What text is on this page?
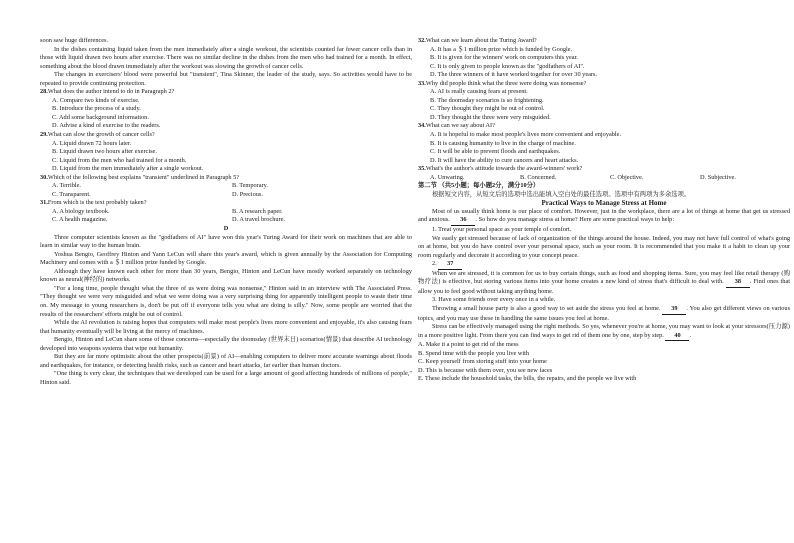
soon saw huge differences.
In the dishes containing liquid taken from the men immediately after a single workout, the scientists counted far fewer cancer cells than in those with liquid drawn two hours after exercise. There was no similar decline in the dishes from the men who had trained for a month. In effect, something about the blood drawn immediately after the workout was slowing the growth of cancer cells.
The changes in exercisers' blood were powerful but "transient", Tina Skinner, the leader of the study, says. So activities would have to be repeated to provide continuing protection.
28.What does the author intend to do in Paragraph 2?
A. Compare two kinds of exercise.
B. Introduce the process of a study.
C. Add some background information.
D. Advise a kind of exercise to the readers.
29.What can slow the growth of cancer cells?
A. Liquid drawn 72 hours later.
B. Liquid drawn two hours after exercise.
C. Liquid from the men who had trained for a month.
D. Liquid from the men immediately after a single workout.
30.Which of the following best explains "transient" underlined in Paragraph 5?
A. Terrible.	B. Temporary.
C. Transparent.	D. Precious.
31.From which is the text probably taken?
A. A biology textbook.	B. A research paper.
C. A health magazine.	D. A travel brochure.
D
Three computer scientists known as the "godfathers of AI" have won this year's Turing Award for their work on machines that are able to learn in similar way to the human brain.
Yoshua Bengio, Geoffrey Hinton and Yann LeCun will share this year's award, which is given annually by the Association for Computing Machinery and comes with a ＄1 million prize funded by Google.
Although they have known each other for more than 30 years, Bengio, Hinton and LeCun have mostly worked separately on technology known as neural(神经的) networks.
"For a long time, people thought what the three of us were doing was nonsense," Hinton said in an interview with The Associated Press. "They thought we were very misguided and what we were doing was a very surprising thing for apparently intelligent people to waste their time on. My message to young researchers is, don't be put off if everyone tells you what are doing is silly." Now, some people are worried that the results of the researchers' efforts might be out of control.
While the AI revolution is raising hopes that computers will make most people's lives more convenient and enjoyable, it's also causing fears that humanity eventually will be living at the mercy of machines.
Bengio, Hinton and LeCun share some of those concerns—especially the doomsday (世界末日) scenarios(情景) that describe AI technology developed into weapons systems that wipe out humanity.
But they are far more optimistic about the other prospects(前景) of AI—enabling computers to deliver more accurate warnings about floods and earthquakes, for instance, or detecting health risks, such as cancer and heart attacks, far earlier than human doctors.
"One thing is very clear, the techniques that we developed can be used for a large amount of good affecting hundreds of millions of people," Hinton said.
32.What can we learn about the Turing Award?
A. It has a ＄1 million prize which is funded by Google.
B. It is given for the winners' work on computers this year.
C. It is only given to people known as the "godfathers of AI".
D. The three winners of it have worked together for over 30 years.
33.Why did people think what the three were doing was nonsense?
A. AI is really causing fears at present.
B. The doomsday scenarios is so frightening.
C. They thought they might be out of control.
D. They thought the three were very misguided.
34.What can we say about AI?
A. It is hopeful to make most people's lives more convenient and enjoyable.
B. It is causing humanity to live in the charge of machine.
C. It will be able to prevent floods and earthquakes.
D. It will have the ability to cure cancers and heart attacks.
35.What's the author's attitude towards the award-winners' work?
A. Unwaring.	B. Concerned.	C. Objective.	D. Subjective.
第二节 （共5小题；每小题2分，满分10分）
根据短文内容，从短文后的选项中选出能填入空白处的最佳选项。选项中有两项为多余选项。
Practical Ways to Manage Stress at Home
Most of us usually think home is our place of comfort. However, just in the workplace, there are a lot of things at home that get us stressed and anxious. 36 . So how do you manage stress at home? Here are some practical ways to help:
1. Treat your personal space as your temple of comfort.
We easily get stressed because of lack of organization of the things around the house. Indeed, you may not have full control of what's going on at home, but you do have control over your personal space, such as your room. It is recommended that you make it a habit to clean up your room regularly and decorate it according to your concept peace.
2. 37
When we are stressed, it is common for us to buy certain things, such as food and shopping items. Sure, you may feel like retail therapy (购物疗法) is effective, but storing various items into your home creates a new kind of stress that's difficult to deal with. 38 . Find ones that allow you to feel good without taking anything home.
3. Have some friends over every once in a while.
Throwing a small house party is also a good way to set aside the stress you feel at home. 39 . You also get different views on various topics, and you may use these in handling the same issues you feel at home.
Stress can be effectively managed using the right methods. So yes, whenever you're at home, you may want to look at your stressors(压力源) in a more positive light. From there you can find ways to get rid of them one by one, step by step. 40 .
A. Make it a point to get rid of the mess
B. Spend time with the people you live with
C. Keep yourself from storing stuff into your home
D. This is because with them over, you see new faces
E. These include the household tasks, the bills, the repairs, and the people we live with
